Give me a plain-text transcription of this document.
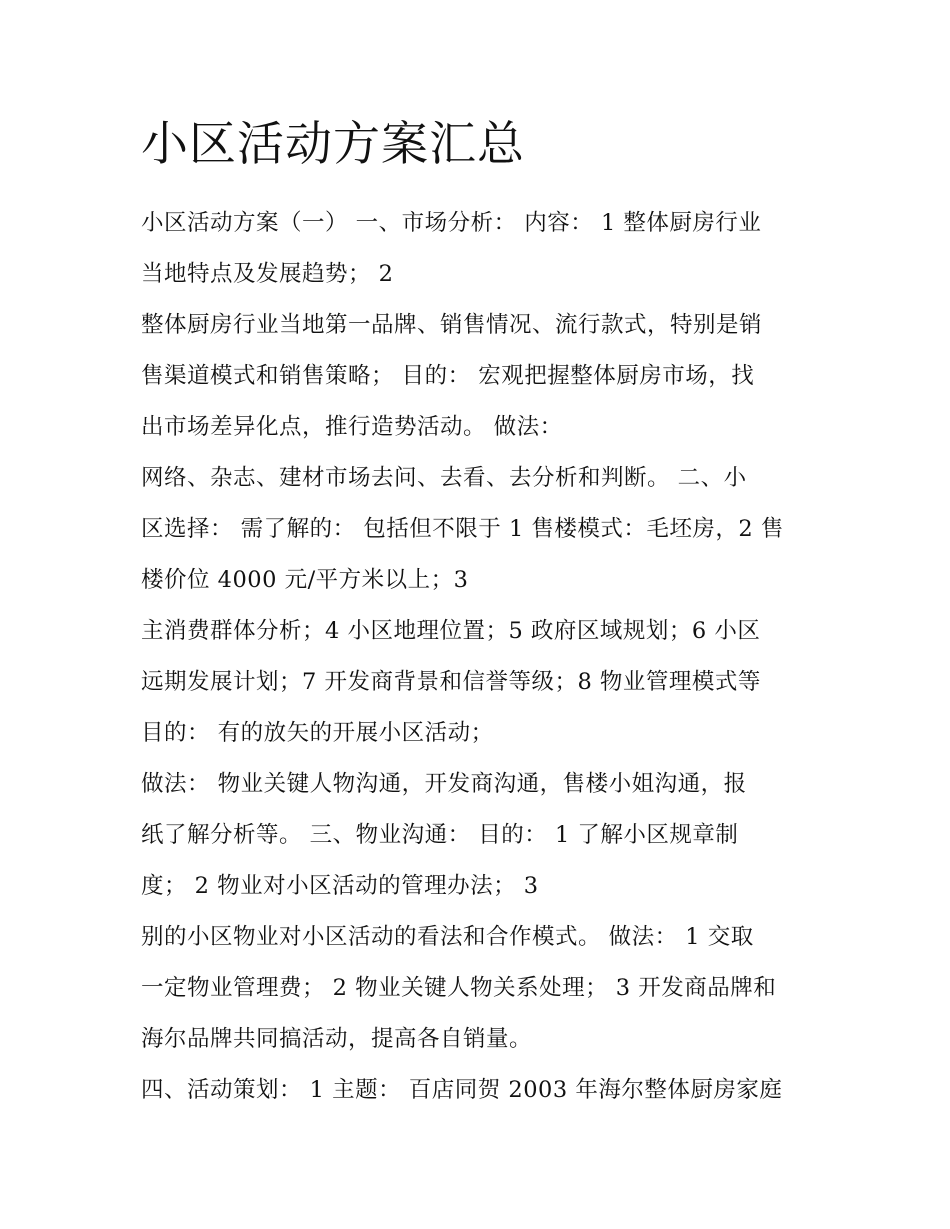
小区活动方案汇总
小区活动方案（一） 一、市场分析： 内容： 1 整体厨房行业
当地特点及发展趋势； 2
整体厨房行业当地第一品牌、销售情况、流行款式，特别是销
售渠道模式和销售策略； 目的： 宏观把握整体厨房市场，找
出市场差异化点，推行造势活动。 做法：
网络、杂志、建材市场去问、去看、去分析和判断。 二、小
区选择： 需了解的： 包括但不限于 1 售楼模式：毛坯房，2 售
楼价位 4000 元/平方米以上；3
主消费群体分析；4 小区地理位置；5 政府区域规划；6 小区
远期发展计划；7 开发商背景和信誉等级；8 物业管理模式等
目的： 有的放矢的开展小区活动；
做法： 物业关键人物沟通，开发商沟通，售楼小姐沟通，报
纸了解分析等。 三、物业沟通： 目的： 1 了解小区规章制
度； 2 物业对小区活动的管理办法； 3
别的小区物业对小区活动的看法和合作模式。 做法： 1 交取
一定物业管理费； 2 物业关键人物关系处理； 3 开发商品牌和
海尔品牌共同搞活动，提高各自销量。
四、活动策划： 1 主题： 百店同贺 2003 年海尔整体厨房家庭
